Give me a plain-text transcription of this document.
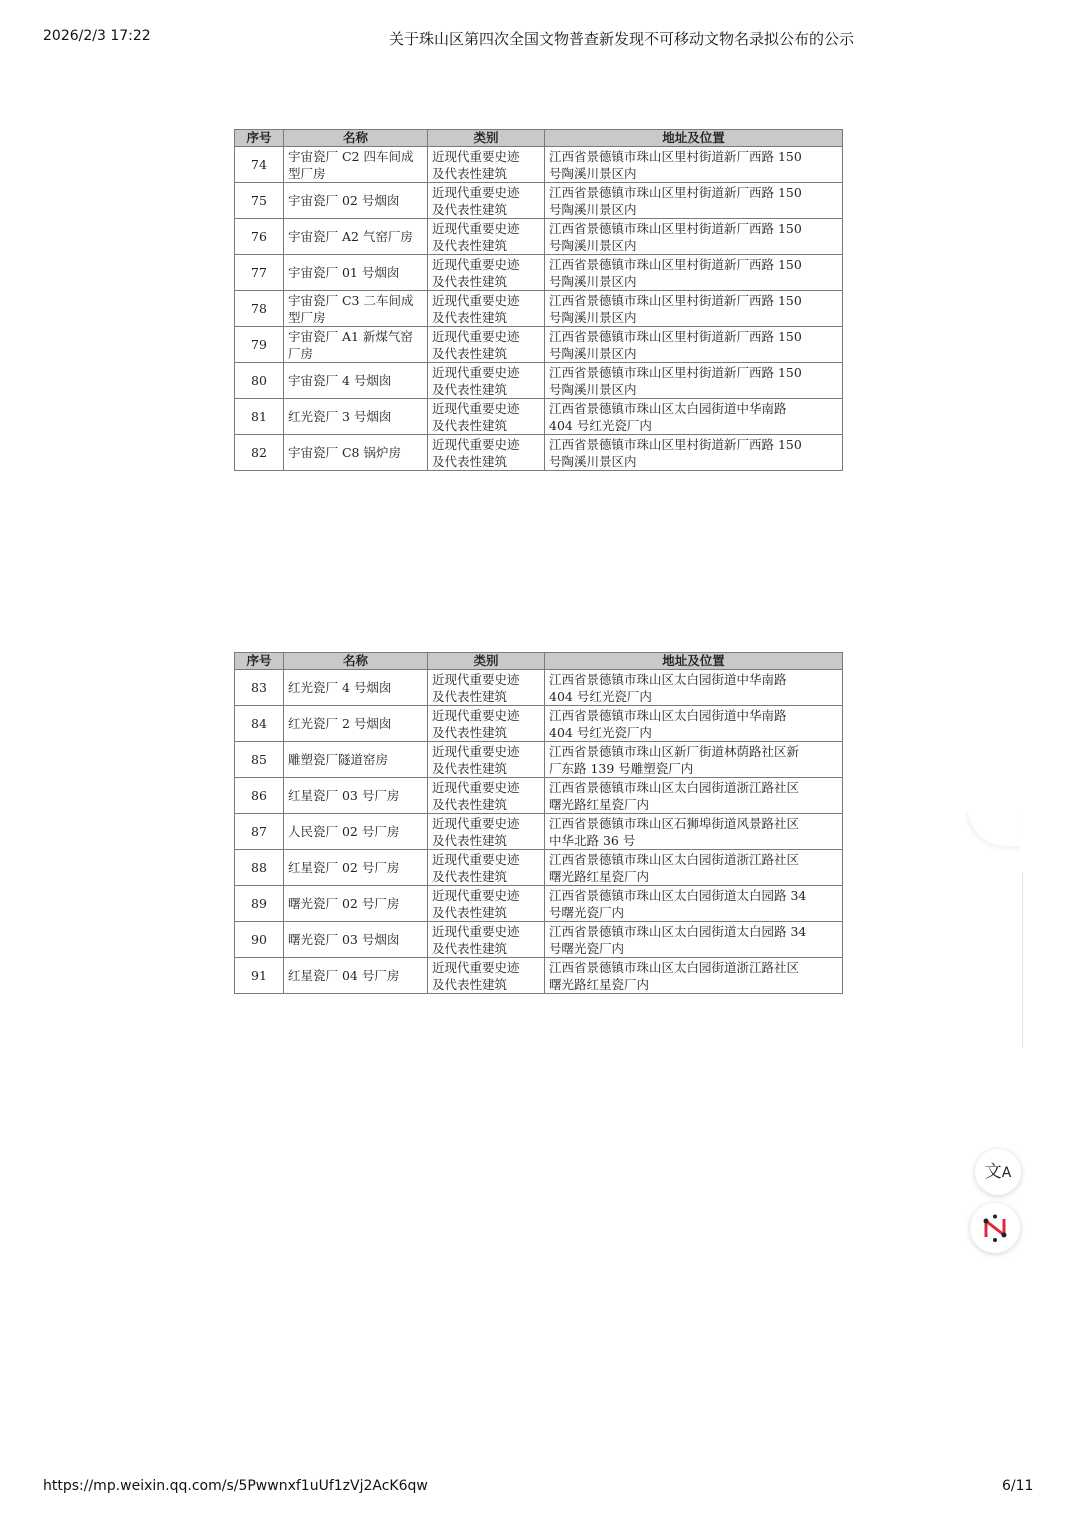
2026/2/3 17:22	关于珠山区第四次全国文物普查新发现不可移动文物名录拟公布的公示
序号	名称	类别	地址及位置
74	宇宙瓷厂 C2 四车间成
型厂房	近现代重要史迹
及代表性建筑	江西省景德镇市珠山区里村街道新厂西路 150
号陶溪川景区内
75	宇宙瓷厂 02 号烟囱	近现代重要史迹
及代表性建筑	江西省景德镇市珠山区里村街道新厂西路 150
号陶溪川景区内
76	宇宙瓷厂 A2 气窑厂房	近现代重要史迹
及代表性建筑	江西省景德镇市珠山区里村街道新厂西路 150
号陶溪川景区内
77	宇宙瓷厂 01 号烟囱	近现代重要史迹
及代表性建筑	江西省景德镇市珠山区里村街道新厂西路 150
号陶溪川景区内
78	宇宙瓷厂 C3 二车间成
型厂房	近现代重要史迹
及代表性建筑	江西省景德镇市珠山区里村街道新厂西路 150
号陶溪川景区内
79	宇宙瓷厂 A1 新煤气窑
厂房	近现代重要史迹
及代表性建筑	江西省景德镇市珠山区里村街道新厂西路 150
号陶溪川景区内
80	宇宙瓷厂 4 号烟囱	近现代重要史迹
及代表性建筑	江西省景德镇市珠山区里村街道新厂西路 150
号陶溪川景区内
81	红光瓷厂 3 号烟囱	近现代重要史迹
及代表性建筑	江西省景德镇市珠山区太白园街道中华南路
404 号红光瓷厂内
82	宇宙瓷厂 C8 锅炉房	近现代重要史迹
及代表性建筑	江西省景德镇市珠山区里村街道新厂西路 150
号陶溪川景区内
序号	名称	类别	地址及位置
83	红光瓷厂 4 号烟囱	近现代重要史迹
及代表性建筑	江西省景德镇市珠山区太白园街道中华南路
404 号红光瓷厂内
84	红光瓷厂 2 号烟囱	近现代重要史迹
及代表性建筑	江西省景德镇市珠山区太白园街道中华南路
404 号红光瓷厂内
85	雕塑瓷厂隧道窑房	近现代重要史迹
及代表性建筑	江西省景德镇市珠山区新厂街道林荫路社区新
厂东路 139 号雕塑瓷厂内
86	红星瓷厂 03 号厂房	近现代重要史迹
及代表性建筑	江西省景德镇市珠山区太白园街道浙江路社区
曙光路红星瓷厂内
87	人民瓷厂 02 号厂房	近现代重要史迹
及代表性建筑	江西省景德镇市珠山区石狮埠街道风景路社区
中华北路 36 号
88	红星瓷厂 02 号厂房	近现代重要史迹
及代表性建筑	江西省景德镇市珠山区太白园街道浙江路社区
曙光路红星瓷厂内
89	曙光瓷厂 02 号厂房	近现代重要史迹
及代表性建筑	江西省景德镇市珠山区太白园街道太白园路 34
号曙光瓷厂内
90	曙光瓷厂 03 号烟囱	近现代重要史迹
及代表性建筑	江西省景德镇市珠山区太白园街道太白园路 34
号曙光瓷厂内
91	红星瓷厂 04 号厂房	近现代重要史迹
及代表性建筑	江西省景德镇市珠山区太白园街道浙江路社区
曙光路红星瓷厂内
文A
https://mp.weixin.qq.com/s/5Pwwnxf1uUf1zVj2AcK6qw	6/11
